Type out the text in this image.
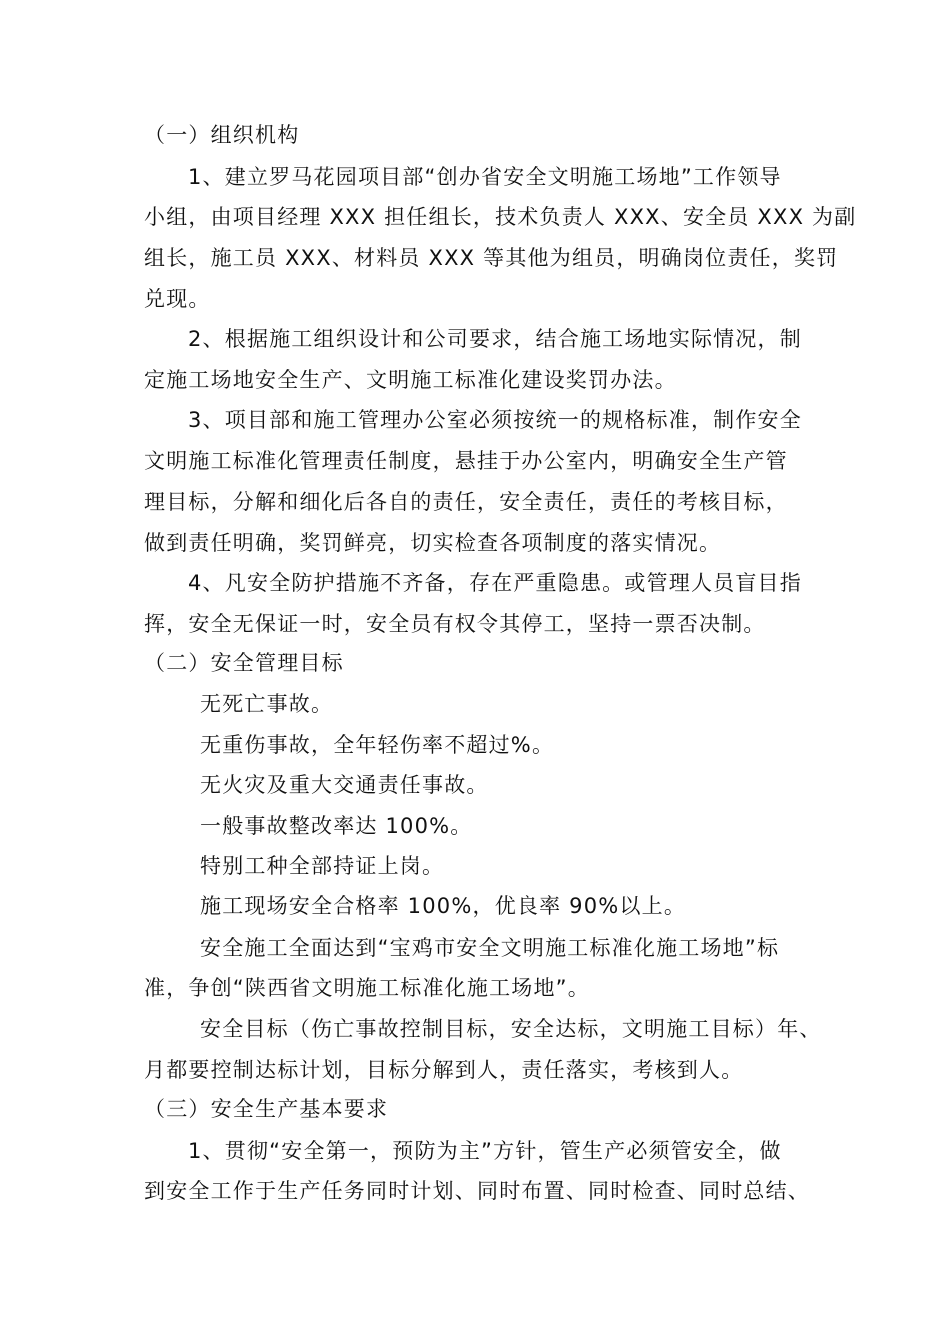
（一）组织机构
1、建立罗马花园项目部“创办省安全文明施工场地”工作领导
小组，由项目经理 XXX 担任组长，技术负责人 XXX、安全员 XXX 为副
组长，施工员 XXX、材料员 XXX 等其他为组员，明确岗位责任，奖罚
兑现。
2、根据施工组织设计和公司要求，结合施工场地实际情况，制
定施工场地安全生产、文明施工标准化建设奖罚办法。
3、项目部和施工管理办公室必须按统一的规格标准，制作安全
文明施工标准化管理责任制度，悬挂于办公室内，明确安全生产管
理目标，分解和细化后各自的责任，安全责任，责任的考核目标，
做到责任明确，奖罚鲜亮，切实检查各项制度的落实情况。
4、凡安全防护措施不齐备，存在严重隐患。或管理人员盲目指
挥，安全无保证一时，安全员有权令其停工，坚持一票否决制。
（二）安全管理目标
无死亡事故。
无重伤事故，全年轻伤率不超过%。
无火灾及重大交通责任事故。
一般事故整改率达 100%。
特别工种全部持证上岗。
施工现场安全合格率 100%，优良率 90%以上。
安全施工全面达到“宝鸡市安全文明施工标准化施工场地”标
准，争创“陕西省文明施工标准化施工场地”。
安全目标（伤亡事故控制目标，安全达标，文明施工目标）年、
月都要控制达标计划，目标分解到人，责任落实，考核到人。
（三）安全生产基本要求
1、贯彻“安全第一，预防为主”方针，管生产必须管安全，做
到安全工作于生产任务同时计划、同时布置、同时检查、同时总结、
